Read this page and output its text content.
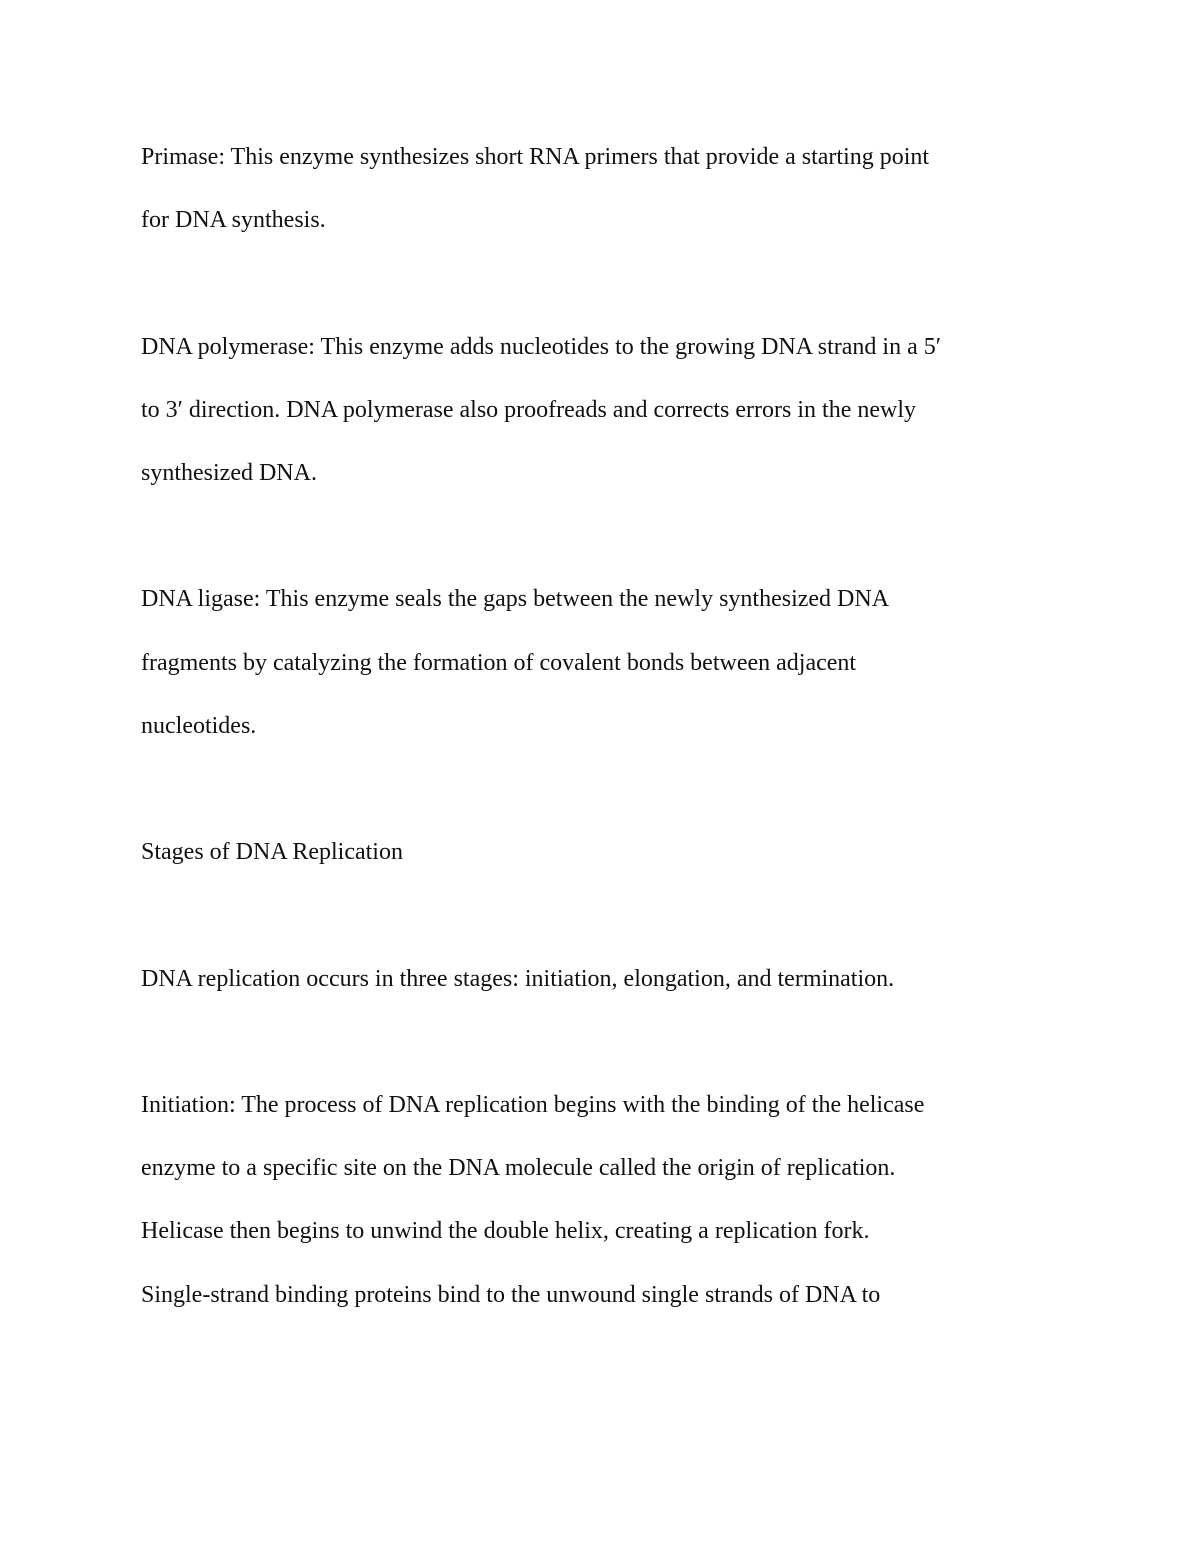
Primase: This enzyme synthesizes short RNA primers that provide a starting point
for DNA synthesis.

DNA polymerase: This enzyme adds nucleotides to the growing DNA strand in a 5′
to 3′ direction. DNA polymerase also proofreads and corrects errors in the newly
synthesized DNA.

DNA ligase: This enzyme seals the gaps between the newly synthesized DNA
fragments by catalyzing the formation of covalent bonds between adjacent
nucleotides.

Stages of DNA Replication

DNA replication occurs in three stages: initiation, elongation, and termination.

Initiation: The process of DNA replication begins with the binding of the helicase
enzyme to a specific site on the DNA molecule called the origin of replication.
Helicase then begins to unwind the double helix, creating a replication fork.
Single-strand binding proteins bind to the unwound single strands of DNA to
